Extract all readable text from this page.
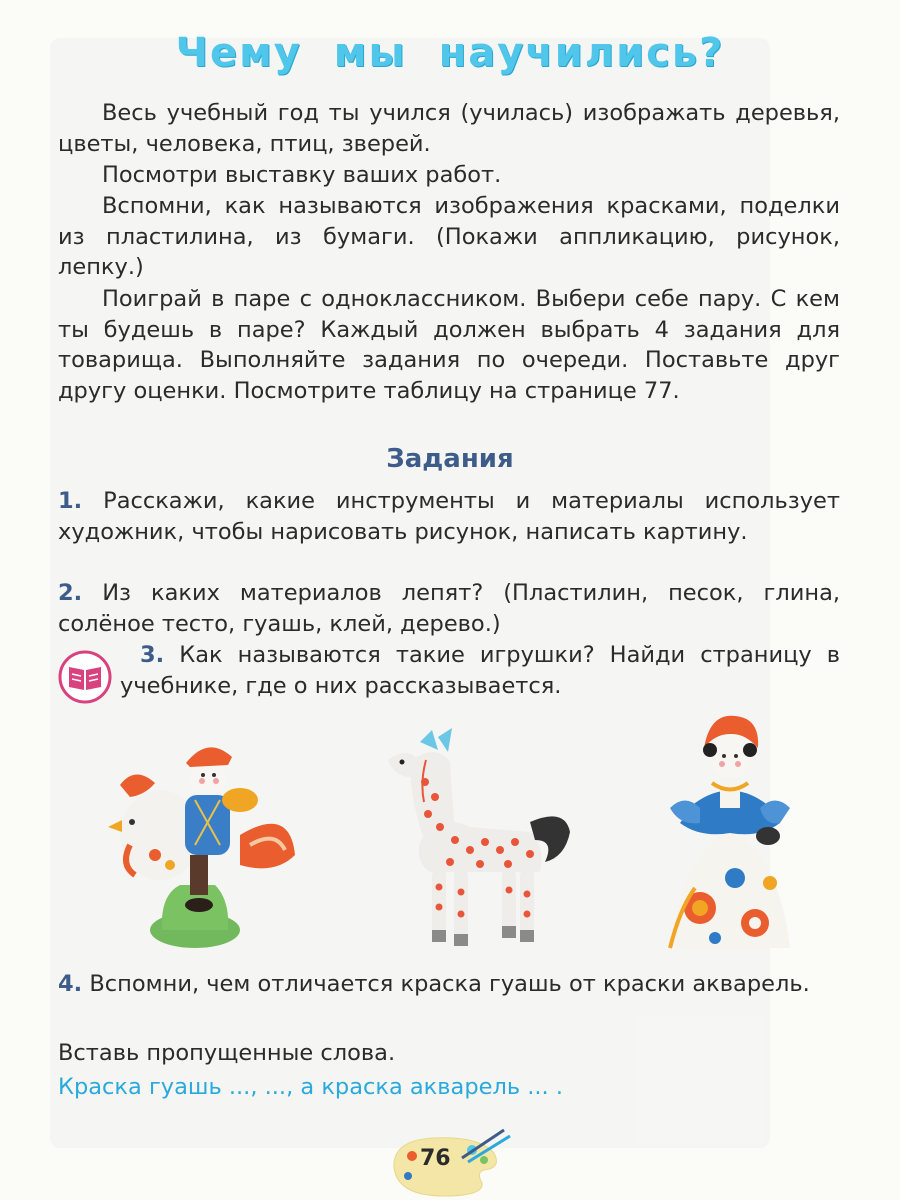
Чему мы научились?

Весь учебный год ты учился (училась) изображать деревья, цветы, человека, птиц, зверей.

Посмотри выставку ваших работ.

Вспомни, как называются изображения красками, поделки из пластилина, из бумаги. (Покажи аппликацию, рисунок, лепку.)

Поиграй в паре с одноклассником. Выбери себе пару. С кем ты будешь в паре? Каждый должен выбрать 4 задания для товарища. Выполняйте задания по очереди. Поставьте друг другу оценки. Посмотрите таблицу на странице 77.

Задания

1. Расскажи, какие инструменты и материалы использует художник, чтобы нарисовать рисунок, написать картину.

2. Из каких материалов лепят? (Пластилин, песок, глина, солёное тесто, гуашь, клей, дерево.)

3. Как называются такие игрушки? Найди страницу в учебнике, где о них рассказывается.

4. Вспомни, чем отличается краска гуашь от краски акварель.

Вставь пропущенные слова.
Краска гуашь ..., ..., а краска акварель ... .
76
